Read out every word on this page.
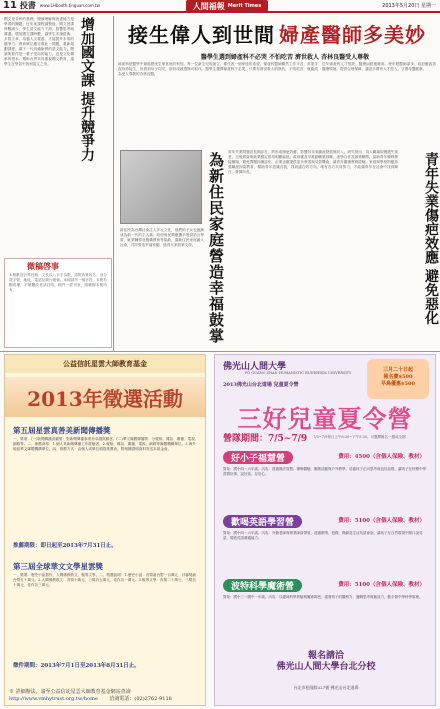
11 投書 www.LHbooth.tinguan.com.tw	人間福報 Merit Times	2013年5月20日 星期一
增加國文課 提升競爭力
國文是各科的基礎，閱讀理解與表達能力是學習的關鍵。近年來課程調整後，國文授課時數減少，學生語文能力下滑，影響思考與溝通。增加國文課時數，讓學生多讀經典、多寫文章，培養人文素養，才能提升未來的競爭力。教育單位應正視此一問題，重新規劃課程，讓下一代具備紮實的語文能力。閱讀與寫作是一輩子受用的能力，也是文化傳承的根本。期盼各界共同重視國文教育，讓學生在學習中找到語文之美。
徵稿啓事
本版歡迎各界投稿，文長以八百字為限，請附真實姓名、身分證字號、地址、電話及銀行帳號。來稿請勿一稿多投，本報有刪改權，不願刪改者請註明。稿件一經刊登，版權歸本報所有。
接生偉人到世間 婦產醫師多美妙
醫學生選到婦產科不必哭 不怕吃苦 濟世救人 杏林良醫受人尊敬
婦產科是醫學中最能感受生命喜悅的科別。每一位新生兒的誕生，都代表一個家庭的希望。婦產科醫師雖然工作辛苦，常需半夜待命接生，但看到母子均安，那份成就感無可取代。醫學生選擇婦產科不必哭，只要有濟世救人的熱忱，不怕吃苦，就能成為受人尊敬的杏林良醫。
近年婦產科人才短缺，醫療糾紛風險高，使年輕醫師卻步。政府應改善醫療環境，提供合理保障，讓更多優秀人才投入，守護母嬰健康。
為新住民家庭營造幸福鼓掌
新住民為台灣社會注入多元文化，他們的子女也逐漸成為新一代的主人翁。政府與民間應攜手提供語言學習、就業輔導及親職教育等協助，讓新住民家庭融入社會，共同營造幸福家園，值得大家鼓掌支持。
青年失業問題若長期存在，將形成傷疤效應，影響其未來職涯發展與收入。研究指出，初入職場即遭遇失業者，日後薪資與就業穩定度均明顯偏低。政府應及早推動職業訓練、產學合作及創業輔導，協助青年順利銜接職場，避免問題持續惡化。企業也應提供更多實習與見習機會，讓青年累積實務經驗。家庭與學校則應加強職涯探索教育，幫助青年認識自我，找到適合的方向。唯有各方共同努力，才能讓青年在社會中找到舞台，發揮所長。	青年失業傷疤效應 避免惡化
公益信託星雲大師教育基金
2013年徵選活動
第五屆星雲真善美新聞傳播獎
一、獎項：(一)新聞傳播貢獻獎：對新聞傳播事業有卓越貢獻者。(二)華文媒體傳播獎：分報紙、雜誌、廣播、電視、網路等。二、推薦資格：1.個人具新聞傳播工作經驗者。2.報紙、雜誌、廣播、電視、網路等媒體機構單位。3.海外地區華文媒體機構單位。四、推薦方式：由個人或單位填寫推薦表，附相關證明資料寄送本基金會。
推薦期限：即日起至2013年7月31日止。
第三屆全球華文文學星雲獎
一、獎項：歷史小說寫作、人間佛教散文、報導文學。二、徵選說明：1.歷史小說：首獎新台幣一百萬元、評審獎新台幣五十萬元。2.人間佛教散文：首獎十萬元、三獎各五萬元、佳作各一萬元。3.報導文學：首獎二十萬元、三獎各十萬元、佳作各三萬元。
徵件期間：2013年7月1日至2013年8月31日止。
※ 詳細辦法，請至公益信託星雲大師教育基金網站查詢
http://www.vmhytrust.org.tw/home 洽詢電話：(02)2762-9118
佛光山人間大學
FO GUANG SHAN HUMANISTIC BUDDHISM UNIVERSITY
2013佛光山台北道場 兒童夏令營
三月二十日起
報名費$500
早鳥優惠$500
三好兒童夏令營
營隊期間：7/5~7/9 7/5~7/9每日上午8:30~下午5:30，可選擇報名一週或全期
好小子福慧營	費用：4500（含個人保險、教材）
對象：國小四～六年級。內容：透過佛法智慧、禪修體驗、團康活動與戶外教學，培養孩子正向思考與良好品格，讓孩子在快樂中學習做好事、說好話、存好心。
歡喝英語學習營	費用：5100（含個人保險、教材）
對象：國小四～六年級。內容：外籍老師與專業師資帶領，透過歌唱、遊戲、戲劇及生活英語會話，讓孩子在自然環境中開口說英語，增進英語溝通能力。
波特科學魔術營	費用：5100（含個人保險、教材）
對象：國小三～國中一年級。內容：以趣味科學實驗與魔術揭密，啟發孩子的觀察力、邏輯思考與創造力，動手做中學科學原理。
報名請洽
佛光山人間大學台北分校
台北市松隆路327號 佛光山台北道場
